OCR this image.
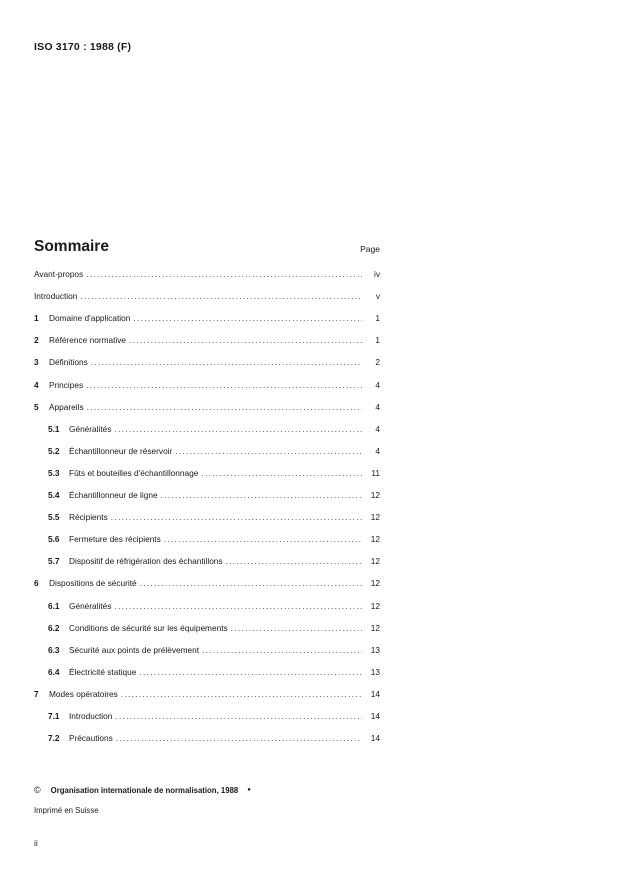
ISO 3170 : 1988 (F)
Sommaire	Page
Avant-propos . . .	iv
Introduction . . .	v
1	Domaine d'application . . .	1
2	Référence normative . . .	1
3	Définitions . . .	2
4	Principes . . .	4
5	Appareils . . .	4
5.1	Généralités . . .	4
5.2	Échantillonneur de réservoir . . .	4
5.3	Fûts et bouteilles d'échantillonnage . . .	11
5.4	Échantillonneur de ligne . . .	12
5.5	Récipients . . .	12
5.6	Fermeture des récipients . . .	12
5.7	Dispositif de réfrigération des échantillons . . .	12
6	Dispositions de sécurité . . .	12
6.1	Généralités . . .	12
6.2	Conditions de sécurité sur les équipements . . .	12
6.3	Sécurité aux points de prélèvement . . .	13
6.4	Électricité statique . . .	13
7	Modes opératoires . . .	14
7.1	Introduction . . .	14
7.2	Précautions . . .	14
© Organisation internationale de normalisation, 1988 ●
Imprimé en Suisse
ii
